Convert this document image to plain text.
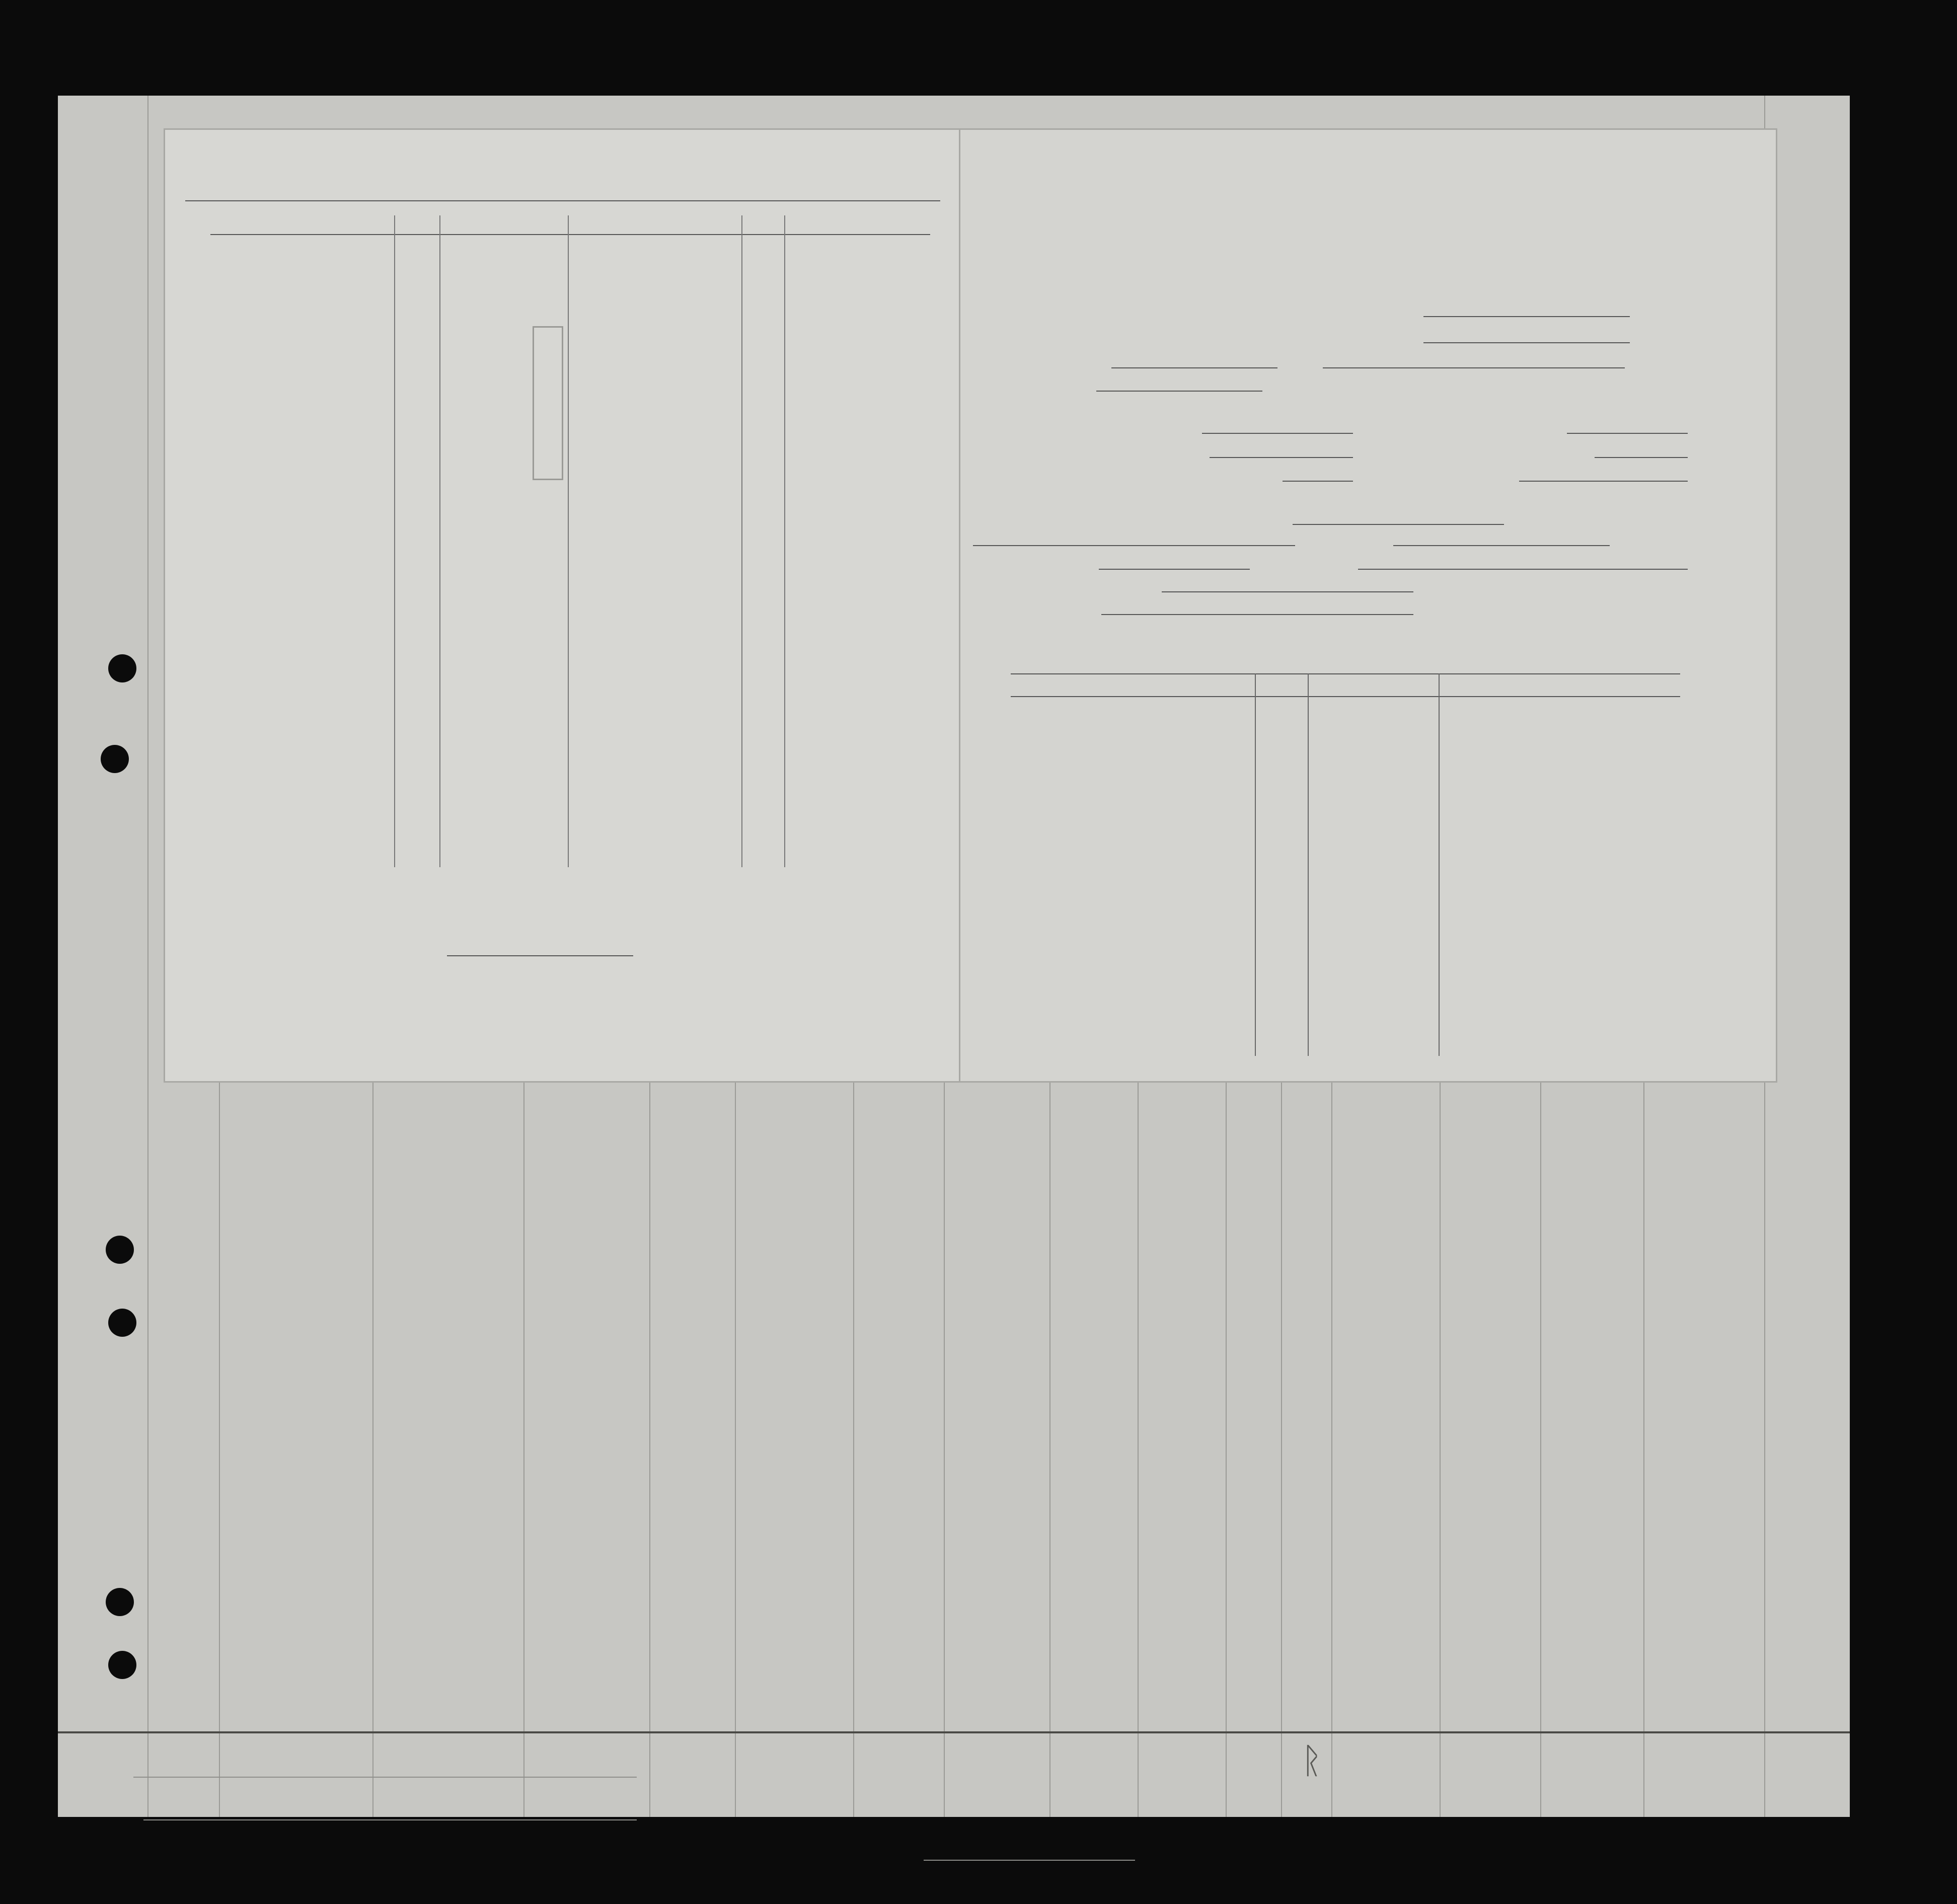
ᚱ
